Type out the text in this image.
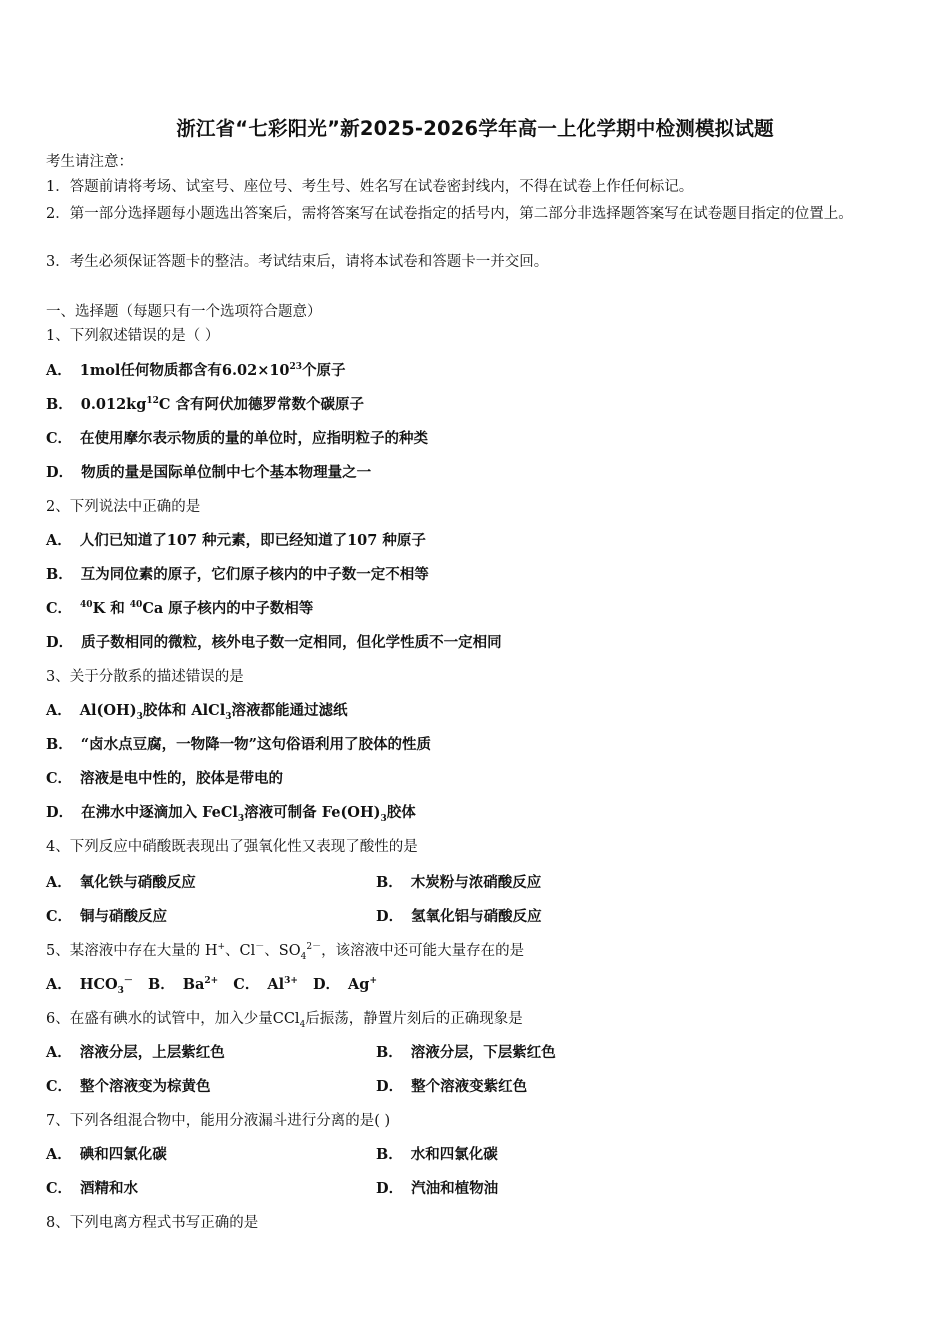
浙江省“七彩阳光”新2025-2026学年高一上化学期中检测模拟试题
考生请注意：
1．答题前请将考场、试室号、座位号、考生号、姓名写在试卷密封线内，不得在试卷上作任何标记。
2．第一部分选择题每小题选出答案后，需将答案写在试卷指定的括号内，第二部分非选择题答案写在试卷题目指定的位置上。
3．考生必须保证答题卡的整洁。考试结束后，请将本试卷和答题卡一并交回。
一、选择题（每题只有一个选项符合题意）
1、下列叙述错误的是（ ）
A． 1mol任何物质都含有$6.02\times 10^{23}$个原子
B． $0.012kg^{12}C$ 含有阿伏加德罗常数个碳原子
C． 在使用摩尔表示物质的量的单位时，应指明粒子的种类
D． 物质的量是国际单位制中七个基本物理量之一
2、下列说法中正确的是
A． 人们已知道了107 种元素，即已经知道了107 种原子
B． 互为同位素的原子，它们原子核内的中子数一定不相等
C． $^{40}$K 和 $^{40}$Ca 原子核内的中子数相等
D． 质子数相同的微粒，核外电子数一定相同，但化学性质不一定相同
3、关于分散系的描述错误的是
A． $Al(OH)_3$胶体和 AlCl$_3$溶液都能通过滤纸
B． “卤水点豆腐，一物降一物”这句俗语利用了胶体的性质
C． 溶液是电中性的，胶体是带电的
D． 在沸水中逐滴加入 FeCl$_3$溶液可制备 $Fe(OH)_3$胶体
4、下列反应中硝酸既表现出了强氧化性又表现了酸性的是
A． 氧化铁与硝酸反应	B． 木炭粉与浓硝酸反应
C． 铜与硝酸反应	D． 氢氧化铝与硝酸反应
5、某溶液中存在大量的 H+、Cl－、$SO_4^{2-}$，该溶液中还可能大量存在的是
A． $HCO_3^-$ B． $Ba^{2+}$ C． $Al^{3+}$ D． Ag+
6、在盛有碘水的试管中，加入少量CCl$_4$后振荡，静置片刻后的正确现象是
A． 溶液分层，上层紫红色	B． 溶液分层，下层紫红色
C． 整个溶液变为棕黄色	D． 整个溶液变紫红色
7、下列各组混合物中，能用分液漏斗进行分离的是( )
A． 碘和四氯化碳	B． 水和四氯化碳
C． 酒精和水	D． 汽油和植物油
8、下列电离方程式书写正确的是
